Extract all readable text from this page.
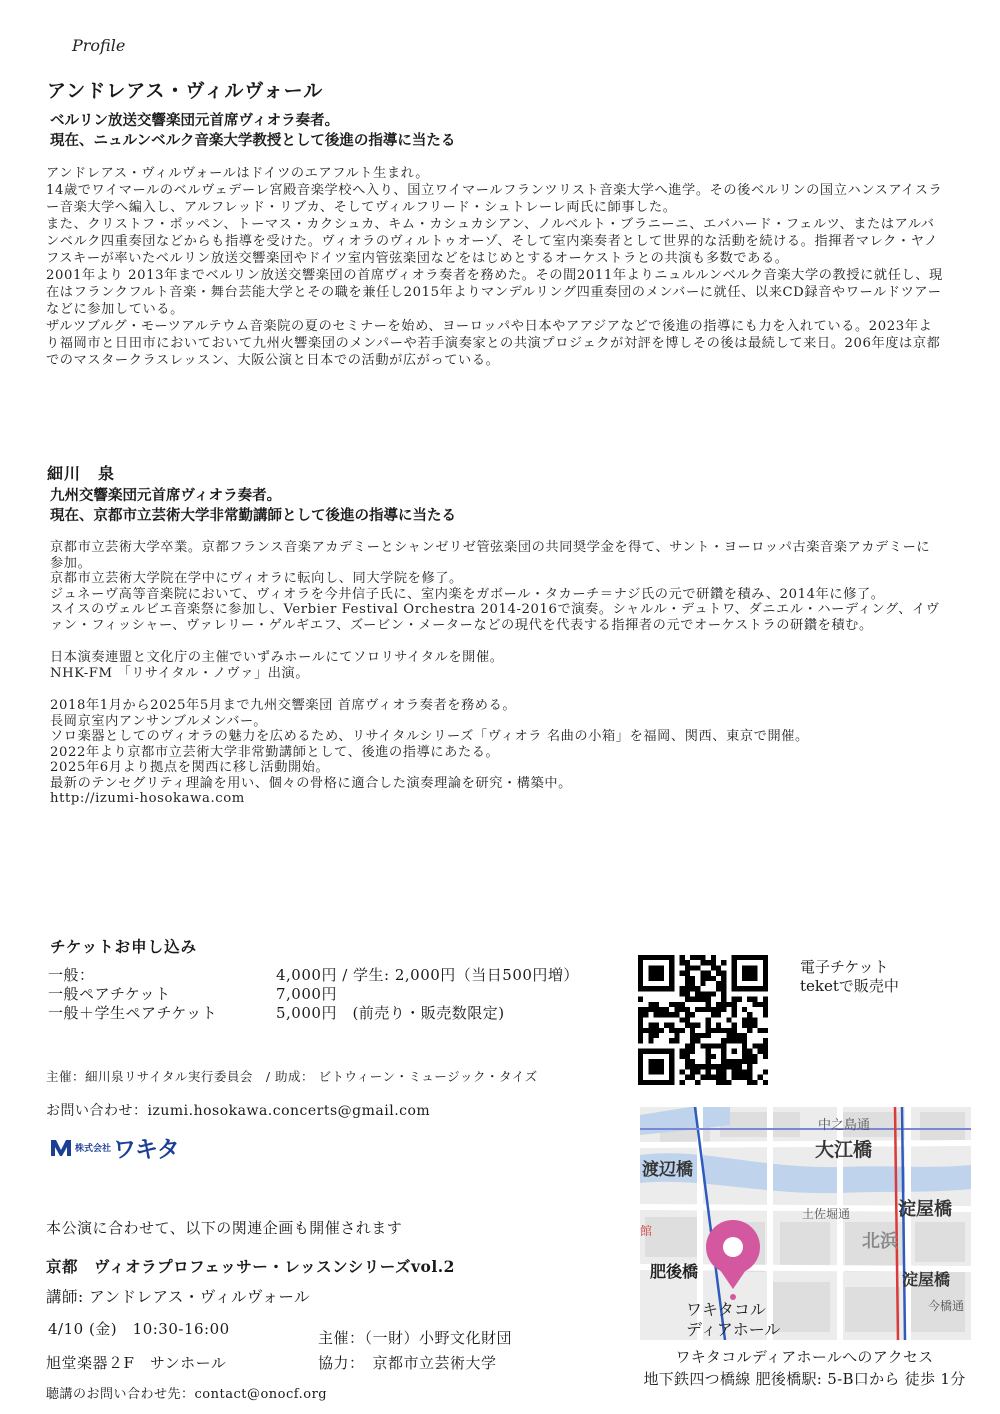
Profile
アンドレアス・ヴィルヴォール
ベルリン放送交響楽団元首席ヴィオラ奏者。
現在、ニュルンベルク音楽大学教授として後進の指導に当たる

アンドレアス・ヴィルヴォールはドイツのエアフルト生まれ。

14歳でワイマールのベルヴェデーレ宮殿音楽学校へ入り、国立ワイマールフランツリスト音楽大学へ進学。その後ベルリンの国立ハンスアイスラー音楽大学へ編入し、アルフレッド・リブカ、そしてヴィルフリード・シュトレーレ両氏に師事した。

また、クリストフ・ポッペン、トーマス・カクシュカ、キム・カシュカシアン、ノルベルト・ブラニーニ、エバハード・フェルツ、またはアルバンベルク四重奏団などからも指導を受けた。ヴィオラのヴィルトゥオーゾ、そして室内楽奏者として世界的な活動を続ける。指揮者マレク・ヤノフスキーが率いたベルリン放送交響楽団やドイツ室内管弦楽団などをはじめとするオーケストラとの共演も多数である。

2001年より 2013年までベルリン放送交響楽団の首席ヴィオラ奏者を務めた。その間2011年よりニュルルンベルク音楽大学の教授に就任し、現在はフランクフルト音楽・舞台芸能大学とその職を兼任し2015年よりマンデルリング四重奏団のメンバーに就任、以来CD録音やワールドツアーなどに参加している。

ザルツブルグ・モーツアルテウム音楽院の夏のセミナーを始め、ヨーロッパや日本やアアジアなどで後進の指導にも力を入れている。2023年より福岡市と日田市においておいて九州火響楽団のメンパーや若手演奏家との共演プロジェクが対評を博しその後は最続して来日。206年度は京都でのマスタークラスレッスン、大阪公演と日本での活動が広がっている。

細川　泉
九州交響楽団元首席ヴィオラ奏者。
現在、京都市立芸術大学非常勤講師として後進の指導に当たる

京都市立芸術大学卒業。京都フランス音楽アカデミーとシャンゼリゼ管弦楽団の共同奨学金を得て、サント・ヨーロッパ古楽音楽アカデミーに参加。

京都市立芸術大学院在学中にヴィオラに転向し、同大学院を修了。

ジュネーヴ高等音楽院において、ヴィオラを今井信子氏に、室内楽をガボール・タカーチ＝ナジ氏の元で研鑽を積み、2014年に修了。

スイスのヴェルビエ音楽祭に参加し、Verbier Festival Orchestra 2014-2016で演奏。シャルル・デュトワ、ダニエル・ハーディング、イヴァン・フィッシャー、ヴァレリー・ゲルギエフ、ズービン・メーターなどの現代を代表する指揮者の元でオーケストラの研鑽を積む。

日本演奏連盟と文化庁の主催でいずみホールにてソロリサイタルを開催。

NHK-FM 「リサイタル・ノヴァ」出演。

2018年1月から2025年5月まで九州交響楽団 首席ヴィオラ奏者を務める。

長岡京室内アンサンブルメンバー。

ソロ楽器としてのヴィオラの魅力を広めるため、リサイタルシリーズ「ヴィオラ 名曲の小箱」を福岡、関西、東京で開催。

2022年より京都市立芸術大学非常勤講師として、後進の指導にあたる。

2025年6月より拠点を関西に移し活動開始。

最新のテンセグリティ理論を用い、個々の骨格に適合した演奏理論を研究・構築中。

http://izumi-hosokawa.com

チケットお申し込み
一般：	4,000円 / 学生: 2,000円（当日500円増）
一般ペアチケット	7,000円
一般＋学生ペアチケット	5,000円　(前売り・販売数限定)
電子チケット
teketで販売中
主催：細川泉リサイタル実行委員会　/ 助成： ビトウィーン・ミュージック・タイズ
お問い合わせ：izumi.hosokawa.concerts@gmail.com
株式会社 ワキタ
本公演に合わせて、以下の関連企画も開催されます
京都　ヴィオラプロフェッサー・レッスンシリーズvol.2
講師: アンドレアス・ヴィルヴォール
4/10 (金)　10:30-16:00	主催：（一財）小野文化財団
旭堂楽器２F　サンホール	協力：　京都市立芸術大学
聴講のお問い合わせ先：contact@onocf.org
中之島通
大江橋
渡辺橋
淀屋橋
土佐堀通
北浜
館
肥後橋	淀屋橋
今橋通
ワキタコル
ディアホール
ワキタコルディアホールへのアクセス
地下鉄四つ橋線 肥後橋駅: 5-B口から 徒歩 1分
